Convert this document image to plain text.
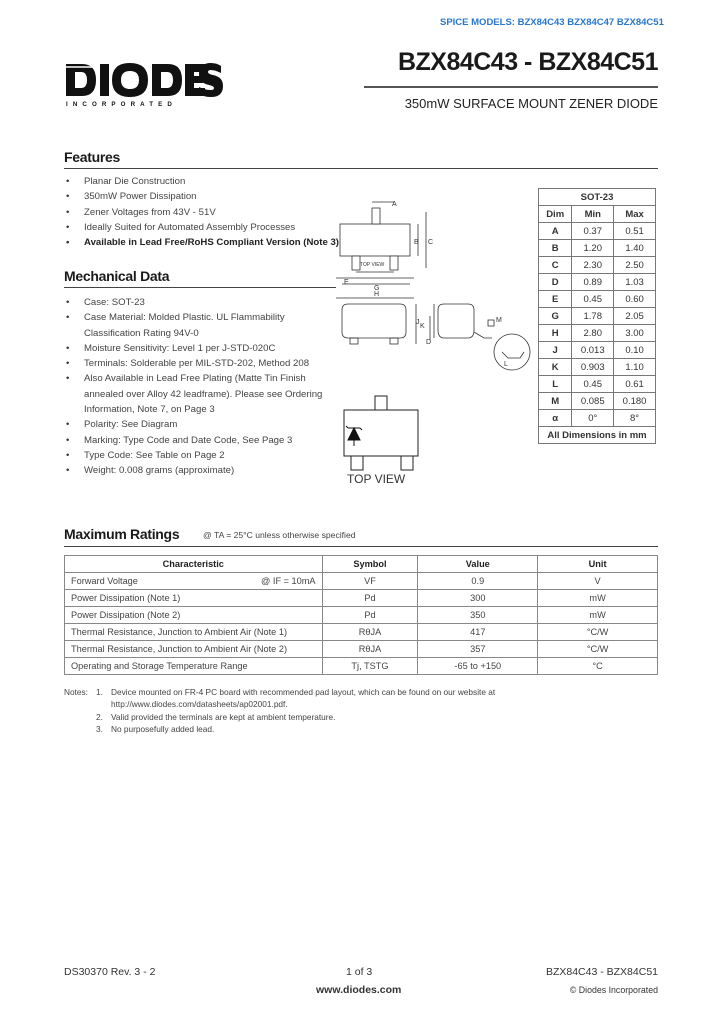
SPICE MODELS: BZX84C43 BZX84C47 BZX84C51
INCORPORATED
BZX84C43 - BZX84C51
350mW SURFACE MOUNT ZENER DIODE
Features
• Planar Die Construction
• 350mW Power Dissipation
• Zener Voltages from 43V - 51V
• Ideally Suited for Automated Assembly Processes
• Available in Lead Free/RoHS Compliant Version (Note 3)
Mechanical Data
• Case: SOT-23
• Case Material: Molded Plastic. UL Flammability Classification Rating 94V-0
• Moisture Sensitivity: Level 1 per J-STD-020C
• Terminals: Solderable per MIL-STD-202, Method 208
• Also Available in Lead Free Plating (Matte Tin Finish annealed over Alloy 42 leadframe). Please see Ordering Information, Note 7, on Page 3
• Polarity: See Diagram
• Marking: Type Code and Date Code, See Page 3
• Type Code: See Table on Page 2
• Weight: 0.008 grams (approximate)
A
B C
TOP VIEW
G
E
H
K
D
J	M
L
TOP VIEW
SOT-23		
Dim	Min	Max
A	0.37	0.51
B	1.20	1.40
C	2.30	2.50
D	0.89	1.03
E	0.45	0.60
G	1.78	2.05
H	2.80	3.00
J	0.013	0.10
K	0.903	1.10
L	0.45	0.61
M	0.085	0.180
α	0°	8°
All Dimensions in mm		
Maximum Ratings	@ TA = 25°C unless otherwise specified
Characteristic	Symbol	Value	Unit
Forward Voltage @ IF = 10mA	VF	0.9	V
Power Dissipation (Note 1)	Pd	300	mW
Power Dissipation (Note 2)	Pd	350	mW
Thermal Resistance, Junction to Ambient Air (Note 1)	RθJA	417	°C/W
Thermal Resistance, Junction to Ambient Air (Note 2)	RθJA	357	°C/W
Operating and Storage Temperature Range	Tj, TSTG	-65 to +150	°C
Notes: 1. Device mounted on FR-4 PC board with recommended pad layout, which can be found on our website at
http://www.diodes.com/datasheets/ap02001.pdf.
2. Valid provided the terminals are kept at ambient temperature.
3. No purposefully added lead.
DS30370 Rev. 3 - 2	1 of 3
www.diodes.com
BZX84C43 - BZX84C51
© Diodes Incorporated
